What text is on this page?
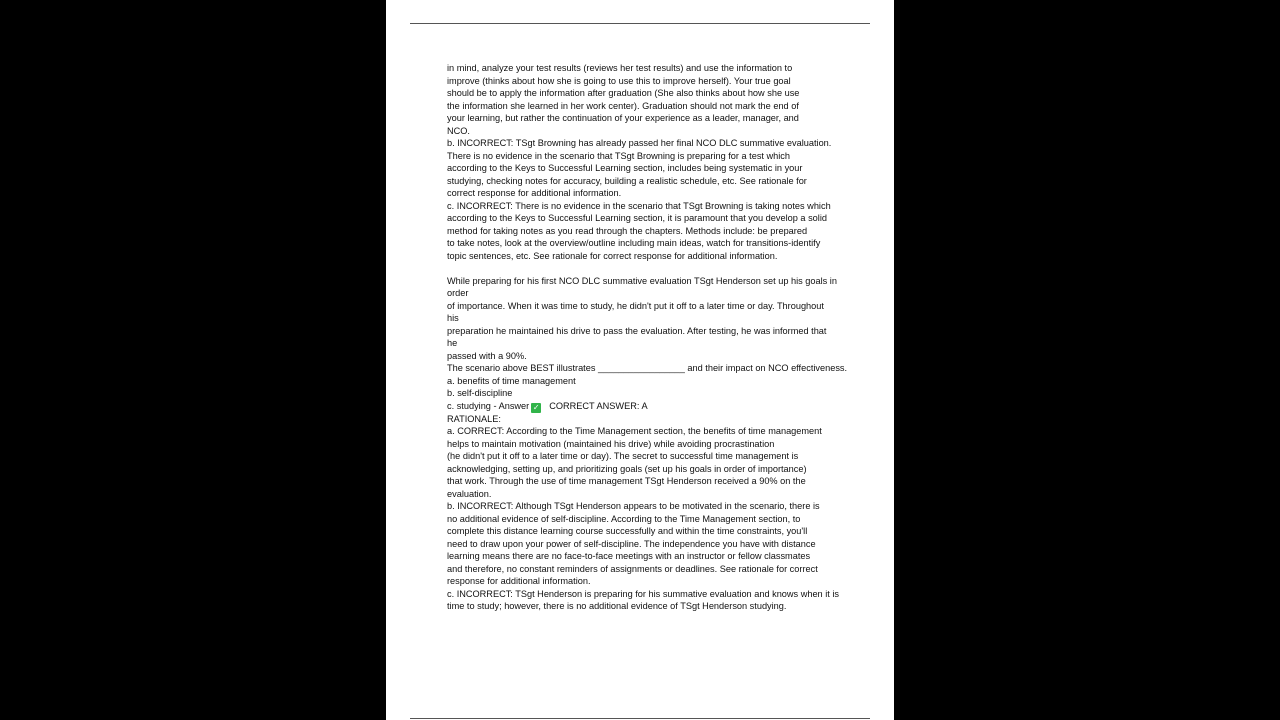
in mind, analyze your test results (reviews her test results) and use the information to
improve (thinks about how she is going to use this to improve herself). Your true goal
should be to apply the information after graduation (She also thinks about how she use
the information she learned in her work center). Graduation should not mark the end of
your learning, but rather the continuation of your experience as a leader, manager, and
NCO.
b. INCORRECT: TSgt Browning has already passed her final NCO DLC summative evaluation.
There is no evidence in the scenario that TSgt Browning is preparing for a test which
according to the Keys to Successful Learning section, includes being systematic in your
studying, checking notes for accuracy, building a realistic schedule, etc. See rationale for
correct response for additional information.
c. INCORRECT: There is no evidence in the scenario that TSgt Browning is taking notes which
according to the Keys to Successful Learning section, it is paramount that you develop a solid
method for taking notes as you read through the chapters. Methods include: be prepared
to take notes, look at the overview/outline including main ideas, watch for transitions-identify
topic sentences, etc. See rationale for correct response for additional information.
While preparing for his first NCO DLC summative evaluation TSgt Henderson set up his goals in
order
of importance. When it was time to study, he didn't put it off to a later time or day. Throughout
his
preparation he maintained his drive to pass the evaluation. After testing, he was informed that
he
passed with a 90%.
The scenario above BEST illustrates _________________ and their impact on NCO effectiveness.
a. benefits of time management
b. self-discipline
c. studying - Answer ✓ CORRECT ANSWER: A
RATIONALE:
a. CORRECT: According to the Time Management section, the benefits of time management
helps to maintain motivation (maintained his drive) while avoiding procrastination
(he didn't put it off to a later time or day). The secret to successful time management is
acknowledging, setting up, and prioritizing goals (set up his goals in order of importance)
that work. Through the use of time management TSgt Henderson received a 90% on the
evaluation.
b. INCORRECT: Although TSgt Henderson appears to be motivated in the scenario, there is
no additional evidence of self-discipline. According to the Time Management section, to
complete this distance learning course successfully and within the time constraints, you'll
need to draw upon your power of self-discipline. The independence you have with distance
learning means there are no face-to-face meetings with an instructor or fellow classmates
and therefore, no constant reminders of assignments or deadlines. See rationale for correct
response for additional information.
c. INCORRECT: TSgt Henderson is preparing for his summative evaluation and knows when it is
time to study; however, there is no additional evidence of TSgt Henderson studying.
